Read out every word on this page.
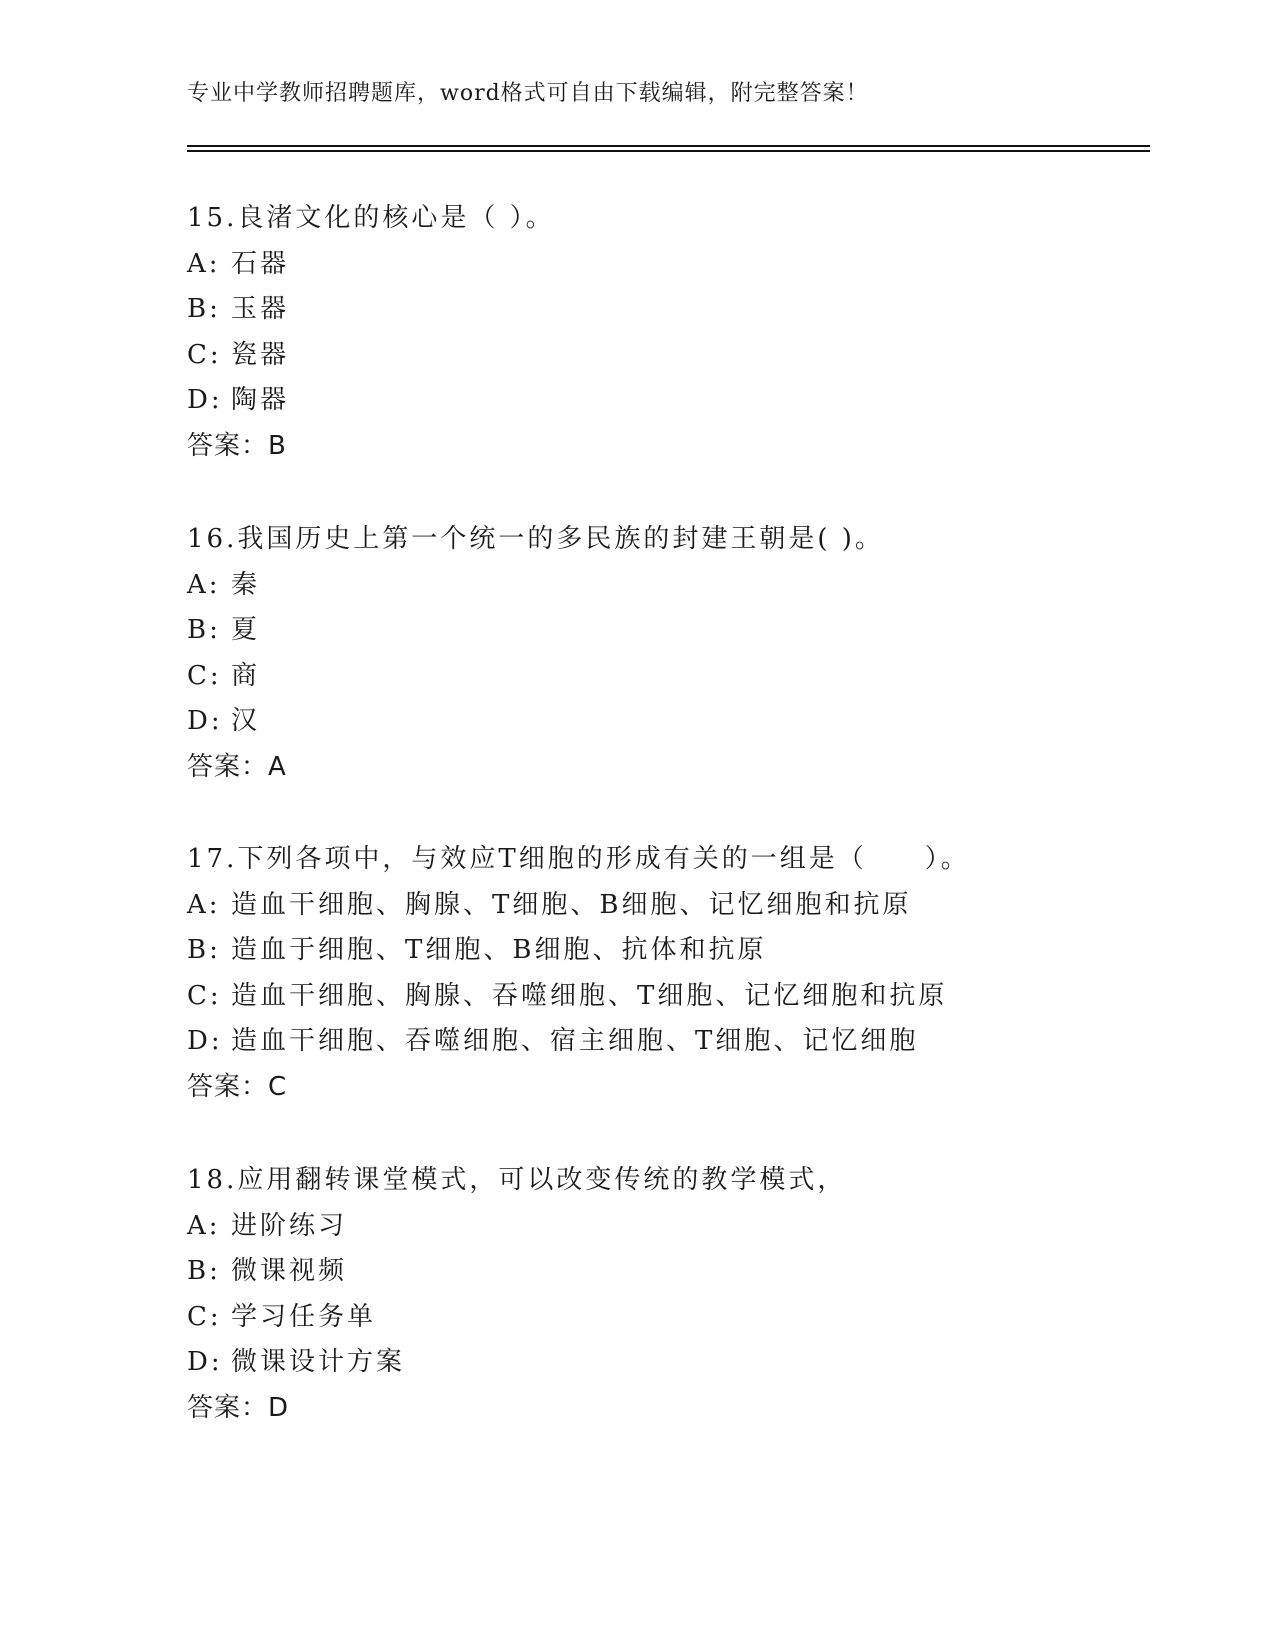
专业中学教师招聘题库，word格式可自由下载编辑，附完整答案！
15.良渚文化的核心是（ ）。
A: 石器
B: 玉器
C: 瓷器
D: 陶器
答案：B
16.我国历史上第一个统一的多民族的封建王朝是( )。
A: 秦
B: 夏
C: 商
D: 汉
答案：A
17.下列各项中，与效应T细胞的形成有关的一组是（　　）。
A: 造血干细胞、胸腺、T细胞、B细胞、记忆细胞和抗原
B: 造血于细胞、T细胞、B细胞、抗体和抗原
C: 造血干细胞、胸腺、吞噬细胞、T细胞、记忆细胞和抗原
D: 造血干细胞、吞噬细胞、宿主细胞、T细胞、记忆细胞
答案：C
18.应用翻转课堂模式，可以改变传统的教学模式，
A: 进阶练习
B: 微课视频
C: 学习任务单
D: 微课设计方案
答案：D
